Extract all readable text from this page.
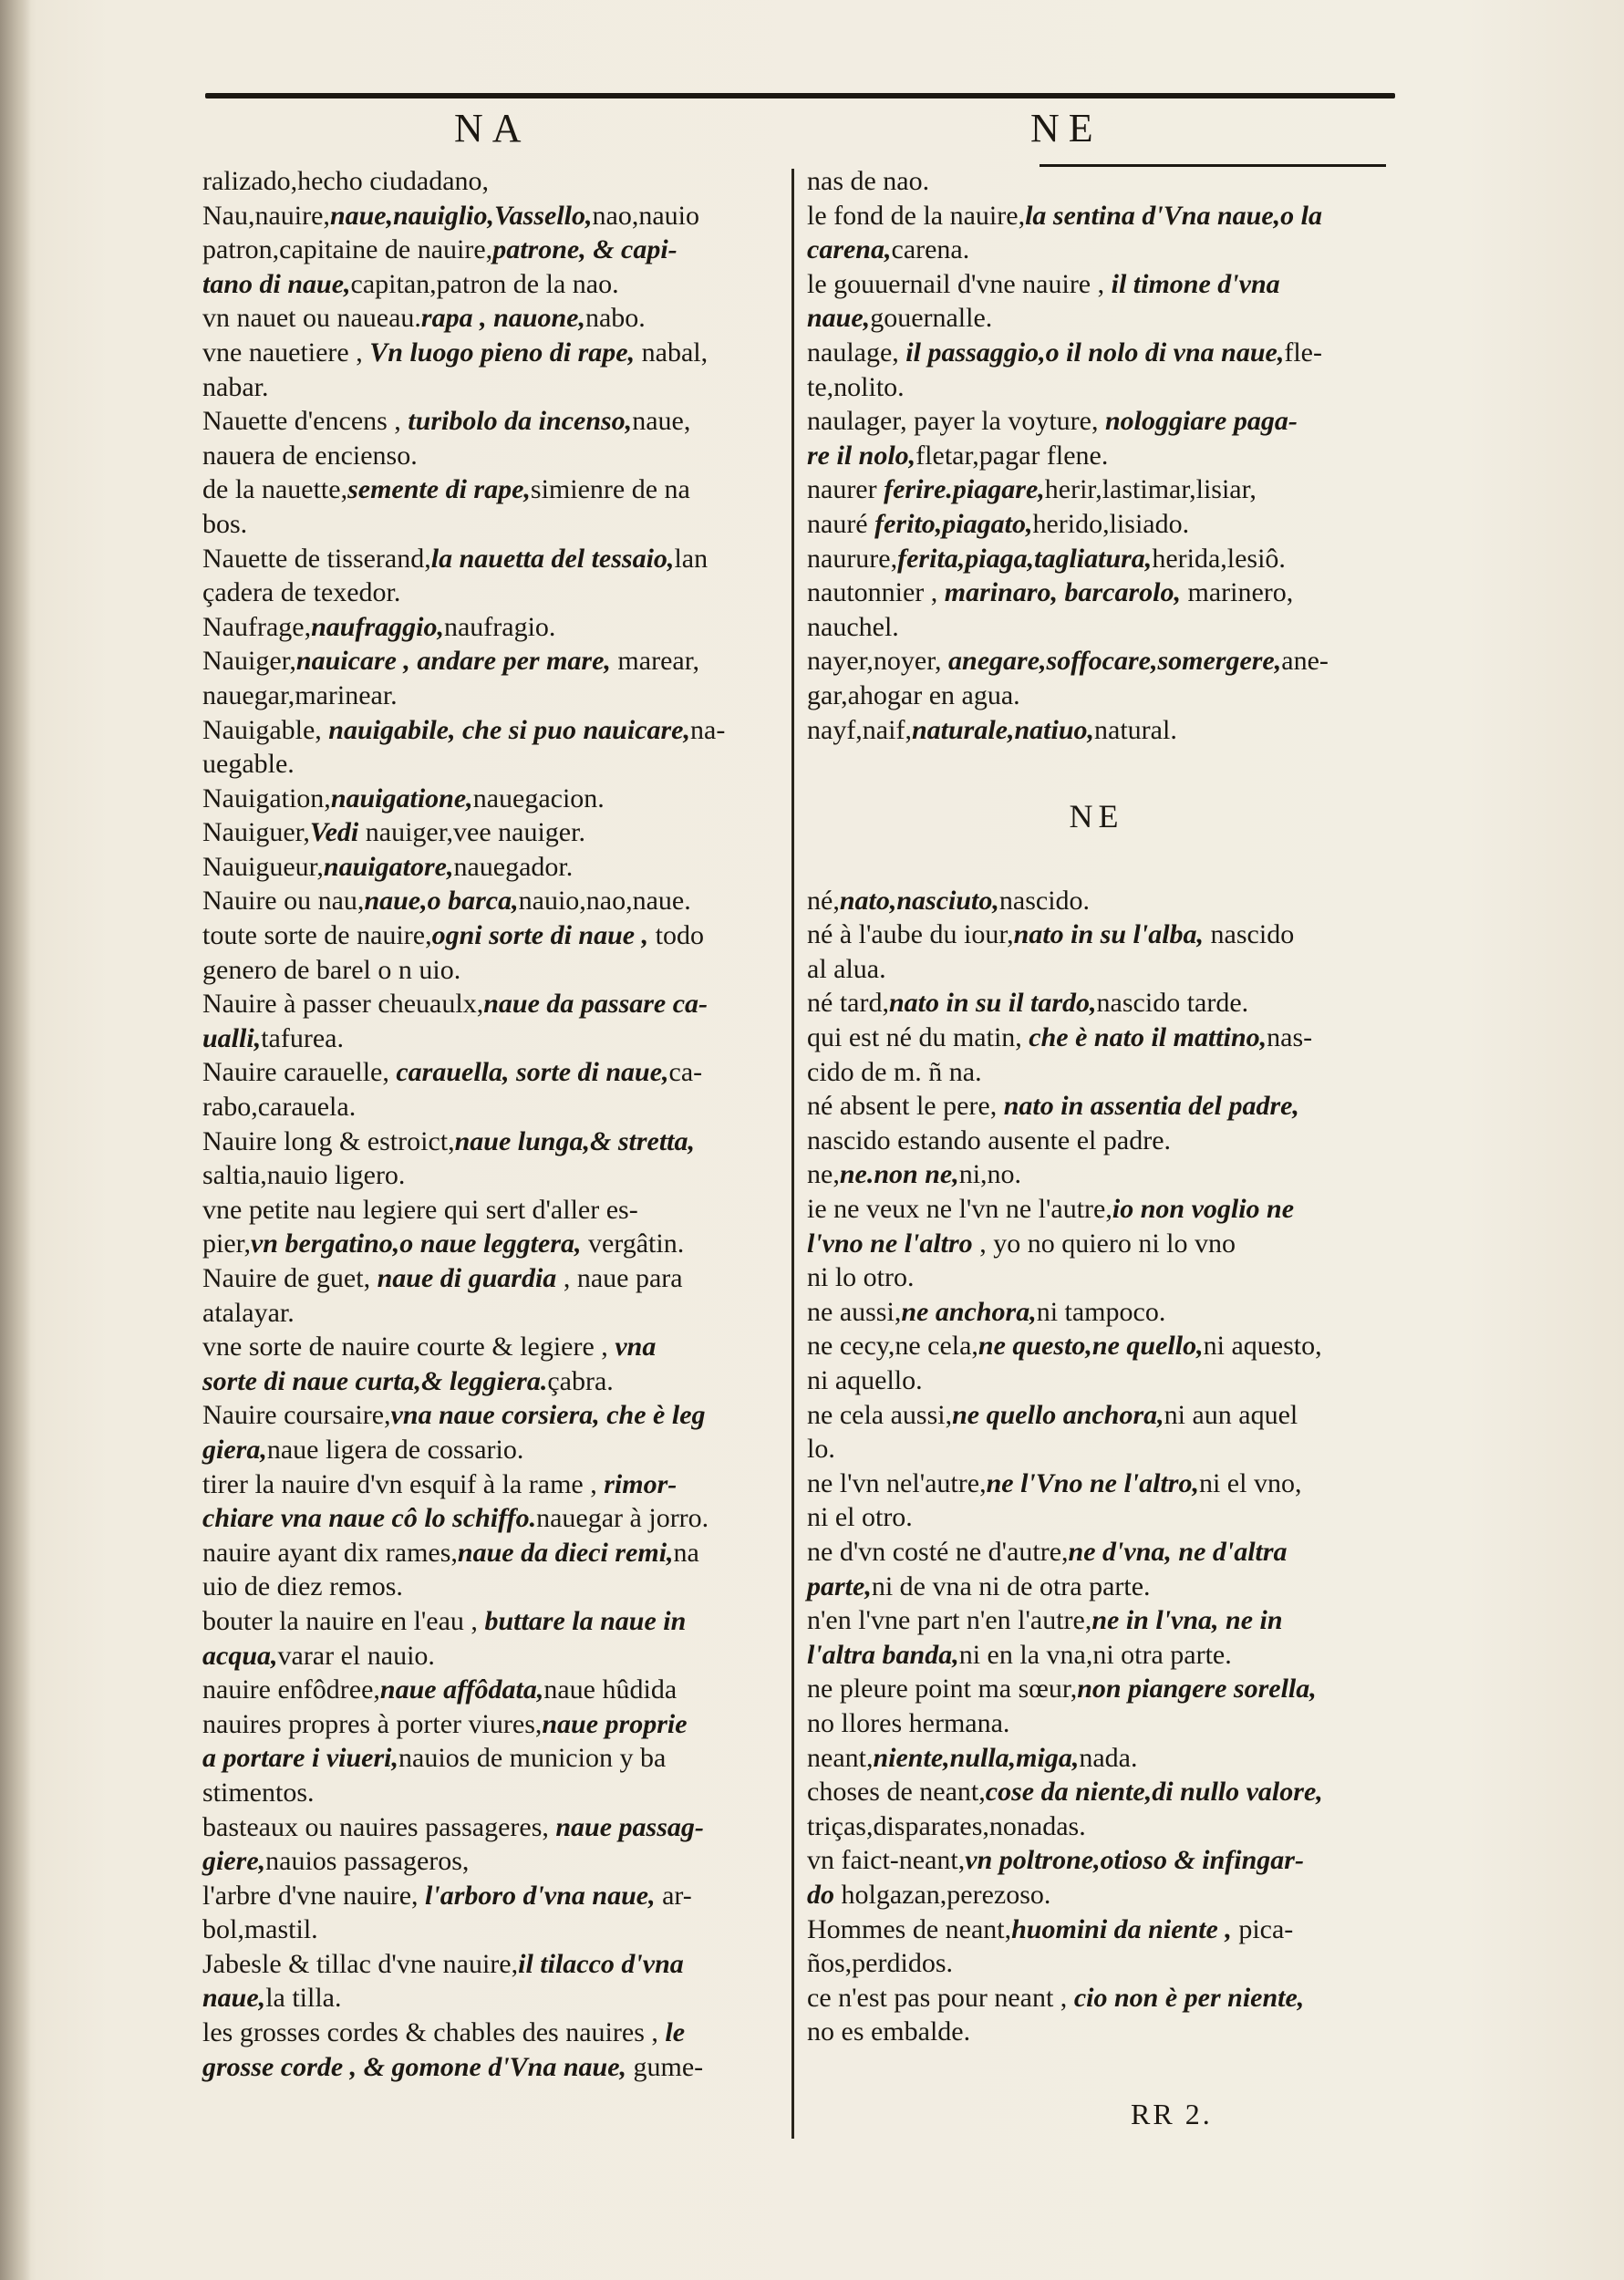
NA	NE

ralizado,hecho ciudadano,

Nau,nauire,naue,nauiglio,Vassello,nao,nauio

patron,capitaine de nauire,patrone, & capi-

tano di naue,capitan,patron de la nao.

vn nauet ou naueau.rapa , nauone,nabo.

vne nauetiere , Vn luogo pieno di rape, nabal,

nabar.

Nauette d'encens , turibolo da incenso,naue,

nauera de encienso.

de la nauette,semente di rape,simienre de na

bos.

Nauette de tisserand,la nauetta del tessaio,lan

çadera de texedor.

Naufrage,naufraggio,naufragio.

Nauiger,nauicare , andare per mare, marear,

nauegar,marinear.

Nauigable, nauigabile, che si puo nauicare,na-

uegable.

Nauigation,nauigatione,nauegacion.

Nauiguer,Vedi nauiger,vee nauiger.

Nauigueur,nauigatore,nauegador.

Nauire ou nau,naue,o barca,nauio,nao,naue.

toute sorte de nauire,ogni sorte di naue , todo

genero de barel o n uio.

Nauire à passer cheuaulx,naue da passare ca-

ualli,tafurea.

Nauire carauelle, carauella, sorte di naue,ca-

rabo,carauela.

Nauire long & estroict,naue lunga,& stretta,

saltia,nauio ligero.

vne petite nau legiere qui sert d'aller es-

pier,vn bergatino,o naue leggtera, vergâtin.

Nauire de guet, naue di guardia , naue para

atalayar.

vne sorte de nauire courte & legiere , vna

sorte di naue curta,& leggiera.çabra.

Nauire coursaire,vna naue corsiera, che è leg

giera,naue ligera de cossario.

tirer la nauire d'vn esquif à la rame , rimor-

chiare vna naue cô lo schiffo.nauegar à jorro.

nauire ayant dix rames,naue da dieci remi,na

uio de diez remos.

bouter la nauire en l'eau , buttare la naue in

acqua,varar el nauio.

nauire enfôdree,naue affôdata,naue hûdida

nauires propres à porter viures,naue proprie

a portare i viueri,nauios de municion y ba

stimentos.

basteaux ou nauires passageres, naue passag-

giere,nauios passageros,

l'arbre d'vne nauire, l'arboro d'vna naue, ar-

bol,mastil.

Jabesle & tillac d'vne nauire,il tilacco d'vna

naue,la tilla.

les grosses cordes & chables des nauires , le

grosse corde , & gomone d'Vna naue, gume-

nas de nao.

le fond de la nauire,la sentina d'Vna naue,o la

carena,carena.

le gouuernail d'vne nauire , il timone d'vna

naue,gouernalle.

naulage, il passaggio,o il nolo di vna naue,fle-

te,nolito.

naulager, payer la voyture, nologgiare paga-

re il nolo,fletar,pagar flene.

naurer ferire.piagare,herir,lastimar,lisiar,

nauré ferito,piagato,herido,lisiado.

naurure,ferita,piaga,tagliatura,herida,lesiô.

nautonnier , marinaro, barcarolo, marinero,

nauchel.

nayer,noyer, anegare,soffocare,somergere,ane-

gar,ahogar en agua.

nayf,naif,naturale,natiuo,natural.

NE

né,nato,nasciuto,nascido.

né à l'aube du iour,nato in su l'alba, nascido

al alua.

né tard,nato in su il tardo,nascido tarde.

qui est né du matin, che è nato il mattino,nas-

cido de m. ñ na.

né absent le pere, nato in assentia del padre,

nascido estando ausente el padre.

ne,ne.non ne,ni,no.

ie ne veux ne l'vn ne l'autre,io non voglio ne

l'vno ne l'altro , yo no quiero ni lo vno

ni lo otro.

ne aussi,ne anchora,ni tampoco.

ne cecy,ne cela,ne questo,ne quello,ni aquesto,

ni aquello.

ne cela aussi,ne quello anchora,ni aun aquel

lo.

ne l'vn nel'autre,ne l'Vno ne l'altro,ni el vno,

ni el otro.

ne d'vn costé ne d'autre,ne d'vna, ne d'altra

parte,ni de vna ni de otra parte.

n'en l'vne part n'en l'autre,ne in l'vna, ne in

l'altra banda,ni en la vna,ni otra parte.

ne pleure point ma sœur,non piangere sorella,

no llores hermana.

neant,niente,nulla,miga,nada.

choses de neant,cose da niente,di nullo valore,

triças,disparates,nonadas.

vn faict-neant,vn poltrone,otioso & infingar-

do holgazan,perezoso.

Hommes de neant,huomini da niente , pica-

ños,perdidos.

ce n'est pas pour neant , cio non è per niente,

no es embalde.

RR 2.
